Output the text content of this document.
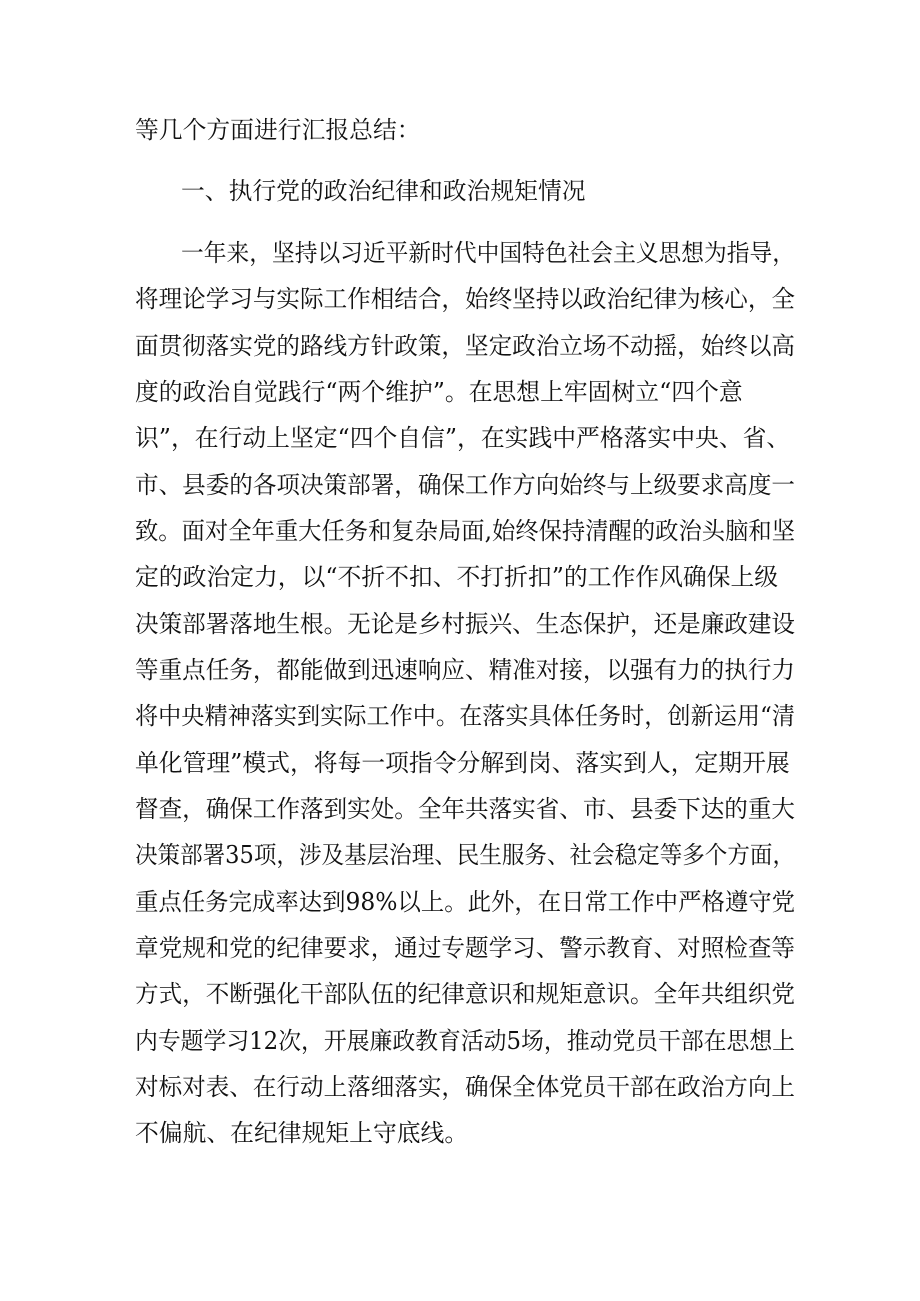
等几个方面进行汇报总结：
一、执行党的政治纪律和政治规矩情况
一年来，坚持以习近平新时代中国特色社会主义思想为指导，
将理论学习与实际工作相结合，始终坚持以政治纪律为核心，全
面贯彻落实党的路线方针政策，坚定政治立场不动摇，始终以高
度的政治自觉践行“两个维护”。在思想上牢固树立“四个意
识”，在行动上坚定“四个自信”，在实践中严格落实中央、省、
市、县委的各项决策部署，确保工作方向始终与上级要求高度一
致。面对全年重大任务和复杂局面,始终保持清醒的政治头脑和坚
定的政治定力，以“不折不扣、不打折扣”的工作作风确保上级
决策部署落地生根。无论是乡村振兴、生态保护，还是廉政建设
等重点任务，都能做到迅速响应、精准对接，以强有力的执行力
将中央精神落实到实际工作中。在落实具体任务时，创新运用“清
单化管理”模式，将每一项指令分解到岗、落实到人，定期开展
督查，确保工作落到实处。全年共落实省、市、县委下达的重大
决策部署35项，涉及基层治理、民生服务、社会稳定等多个方面，
重点任务完成率达到98%以上。此外，在日常工作中严格遵守党
章党规和党的纪律要求，通过专题学习、警示教育、对照检查等
方式，不断强化干部队伍的纪律意识和规矩意识。全年共组织党
内专题学习12次，开展廉政教育活动5场，推动党员干部在思想上
对标对表、在行动上落细落实，确保全体党员干部在政治方向上
不偏航、在纪律规矩上守底线。
